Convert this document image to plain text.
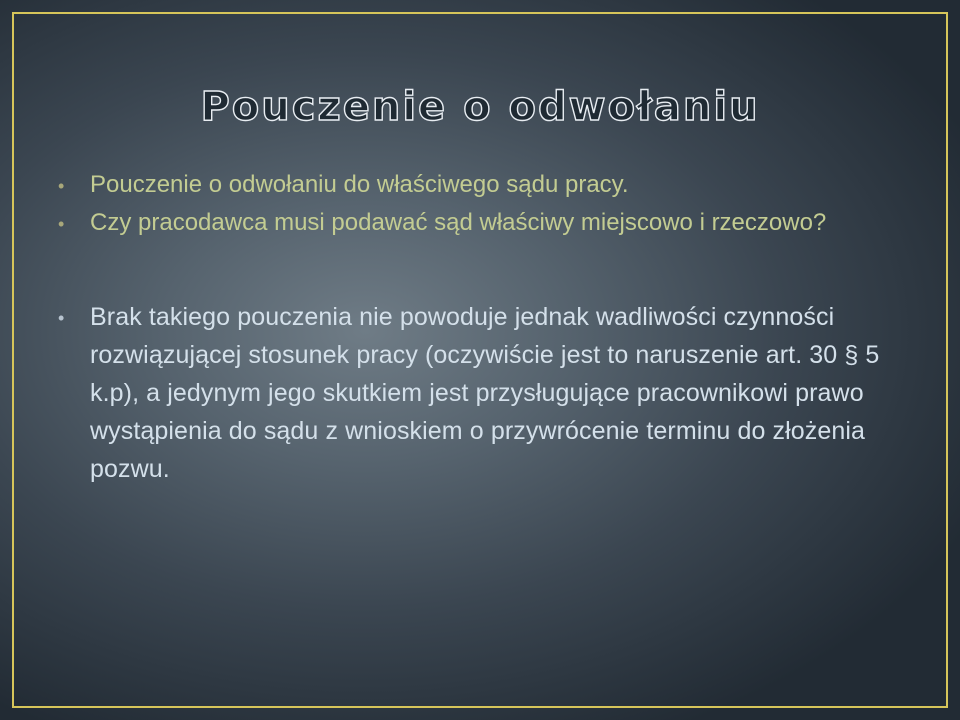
Pouczenie o odwołaniu
• Pouczenie o odwołaniu do właściwego sądu pracy.
• Czy pracodawca musi podawać sąd właściwy miejscowo i rzeczowo?
• Brak takiego pouczenia nie powoduje jednak wadliwości czynności rozwiązującej stosunek pracy (oczywiście jest to naruszenie art. 30 § 5 k.p), a jedynym jego skutkiem jest przysługujące pracownikowi prawo wystąpienia do sądu z wnioskiem o przywrócenie terminu do złożenia pozwu.
